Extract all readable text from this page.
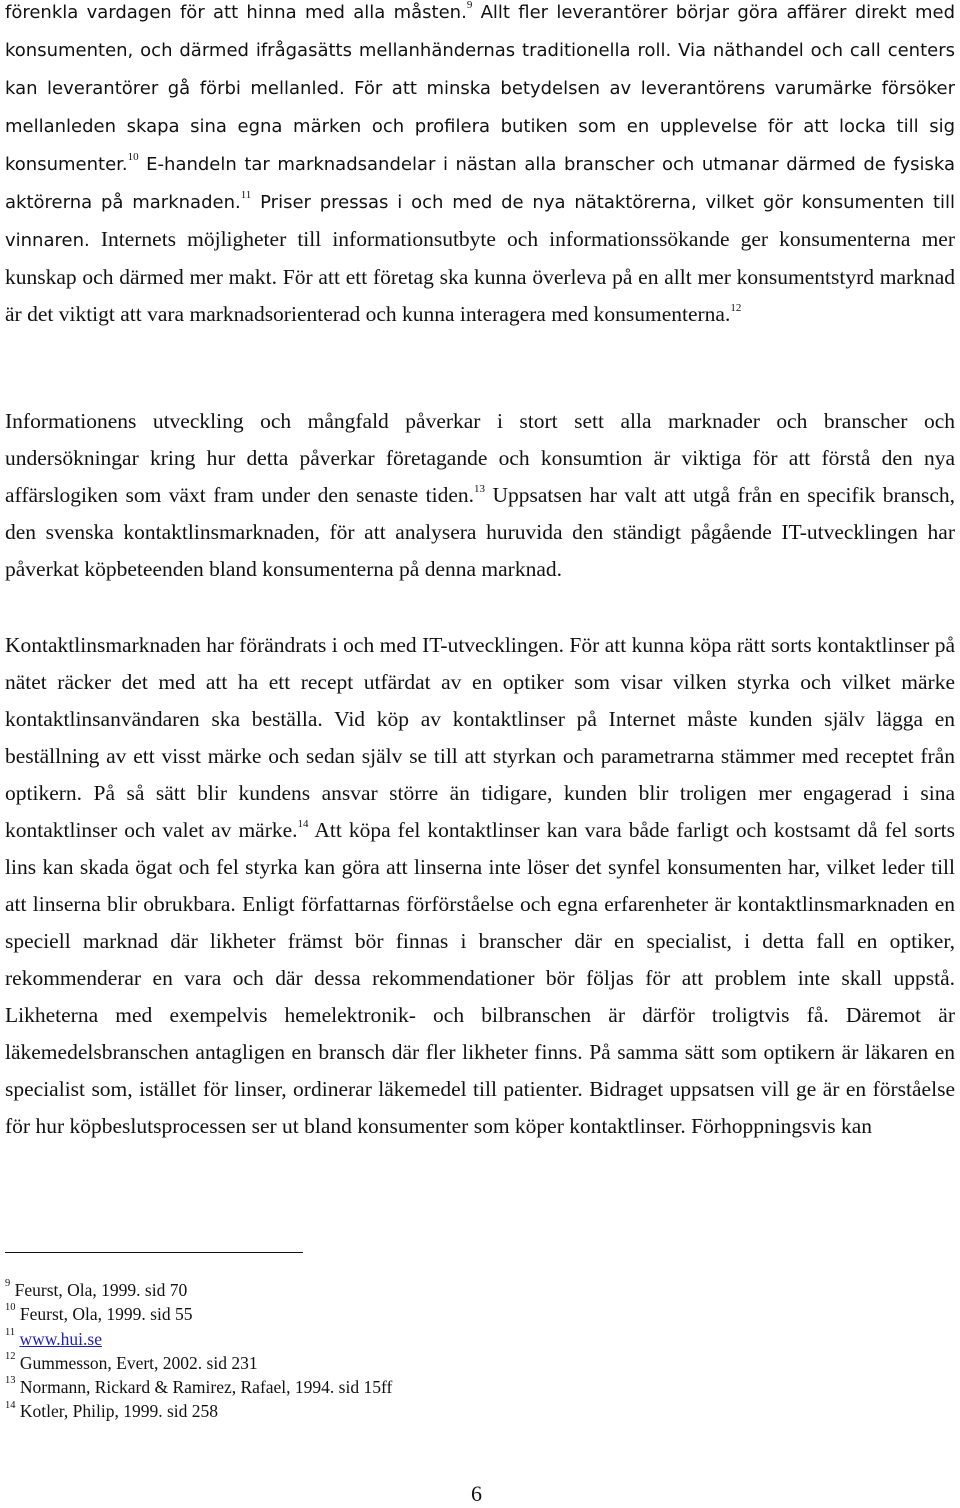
förenkla vardagen för att hinna med alla måsten.$^9$ Allt fler leverantörer börjar göra affärer direkt med konsumenten, och därmed ifrågasätts mellanhändernas traditionella roll. Via näthandel och call centers kan leverantörer gå förbi mellanled. För att minska betydelsen av leverantörens varumärke försöker mellanleden skapa sina egna märken och profilera butiken som en upplevelse för att locka till sig konsumenter.$^{10}$ E-handeln tar marknadsandelar i nästan alla branscher och utmanar därmed de fysiska aktörerna på marknaden.$^{11}$ Priser pressas i och med de nya nätaktörerna, vilket gör konsumenten till vinnaren. Internets möjligheter till informationsutbyte och informationssökande ger konsumenterna mer kunskap och därmed mer makt. För att ett företag ska kunna överleva på en allt mer konsumentstyrd marknad är det viktigt att vara marknadsorienterad och kunna interagera med konsumenterna.$^{12}$

Informationens utveckling och mångfald påverkar i stort sett alla marknader och branscher och undersökningar kring hur detta påverkar företagande och konsumtion är viktiga för att förstå den nya affärslogiken som växt fram under den senaste tiden.$^{13}$ Uppsatsen har valt att utgå från en specifik bransch, den svenska kontaktlinsmarknaden, för att analysera huruvida den ständigt pågående IT-utvecklingen har påverkat köpbeteenden bland konsumenterna på denna marknad.

Kontaktlinsmarknaden har förändrats i och med IT-utvecklingen. För att kunna köpa rätt sorts kontaktlinser på nätet räcker det med att ha ett recept utfärdat av en optiker som visar vilken styrka och vilket märke kontaktlinsanvändaren ska beställa. Vid köp av kontaktlinser på Internet måste kunden själv lägga en beställning av ett visst märke och sedan själv se till att styrkan och parametrarna stämmer med receptet från optikern. På så sätt blir kundens ansvar större än tidigare, kunden blir troligen mer engagerad i sina kontaktlinser och valet av märke.$^{14}$ Att köpa fel kontaktlinser kan vara både farligt och kostsamt då fel sorts lins kan skada ögat och fel styrka kan göra att linserna inte löser det synfel konsumenten har, vilket leder till att linserna blir obrukbara. Enligt författarnas förförståelse och egna erfarenheter är kontaktlinsmarknaden en speciell marknad där likheter främst bör finnas i branscher där en specialist, i detta fall en optiker, rekommenderar en vara och där dessa rekommendationer bör följas för att problem inte skall uppstå. Likheterna med exempelvis hemelektronik- och bilbranschen är därför troligtvis få. Däremot är läkemedelsbranschen antagligen en bransch där fler likheter finns. På samma sätt som optikern är läkaren en specialist som, istället för linser, ordinerar läkemedel till patienter. Bidraget uppsatsen vill ge är en förståelse för hur köpbeslutsprocessen ser ut bland konsumenter som köper kontaktlinser. Förhoppningsvis kan

$^9$ Feurst, Ola, 1999. sid 70
$^{10}$ Feurst, Ola, 1999. sid 55
$^{11}$ www.hui.se
$^{12}$ Gummesson, Evert, 2002. sid 231
$^{13}$ Normann, Rickard & Ramirez, Rafael, 1994. sid 15ff
$^{14}$ Kotler, Philip, 1999. sid 258
6
